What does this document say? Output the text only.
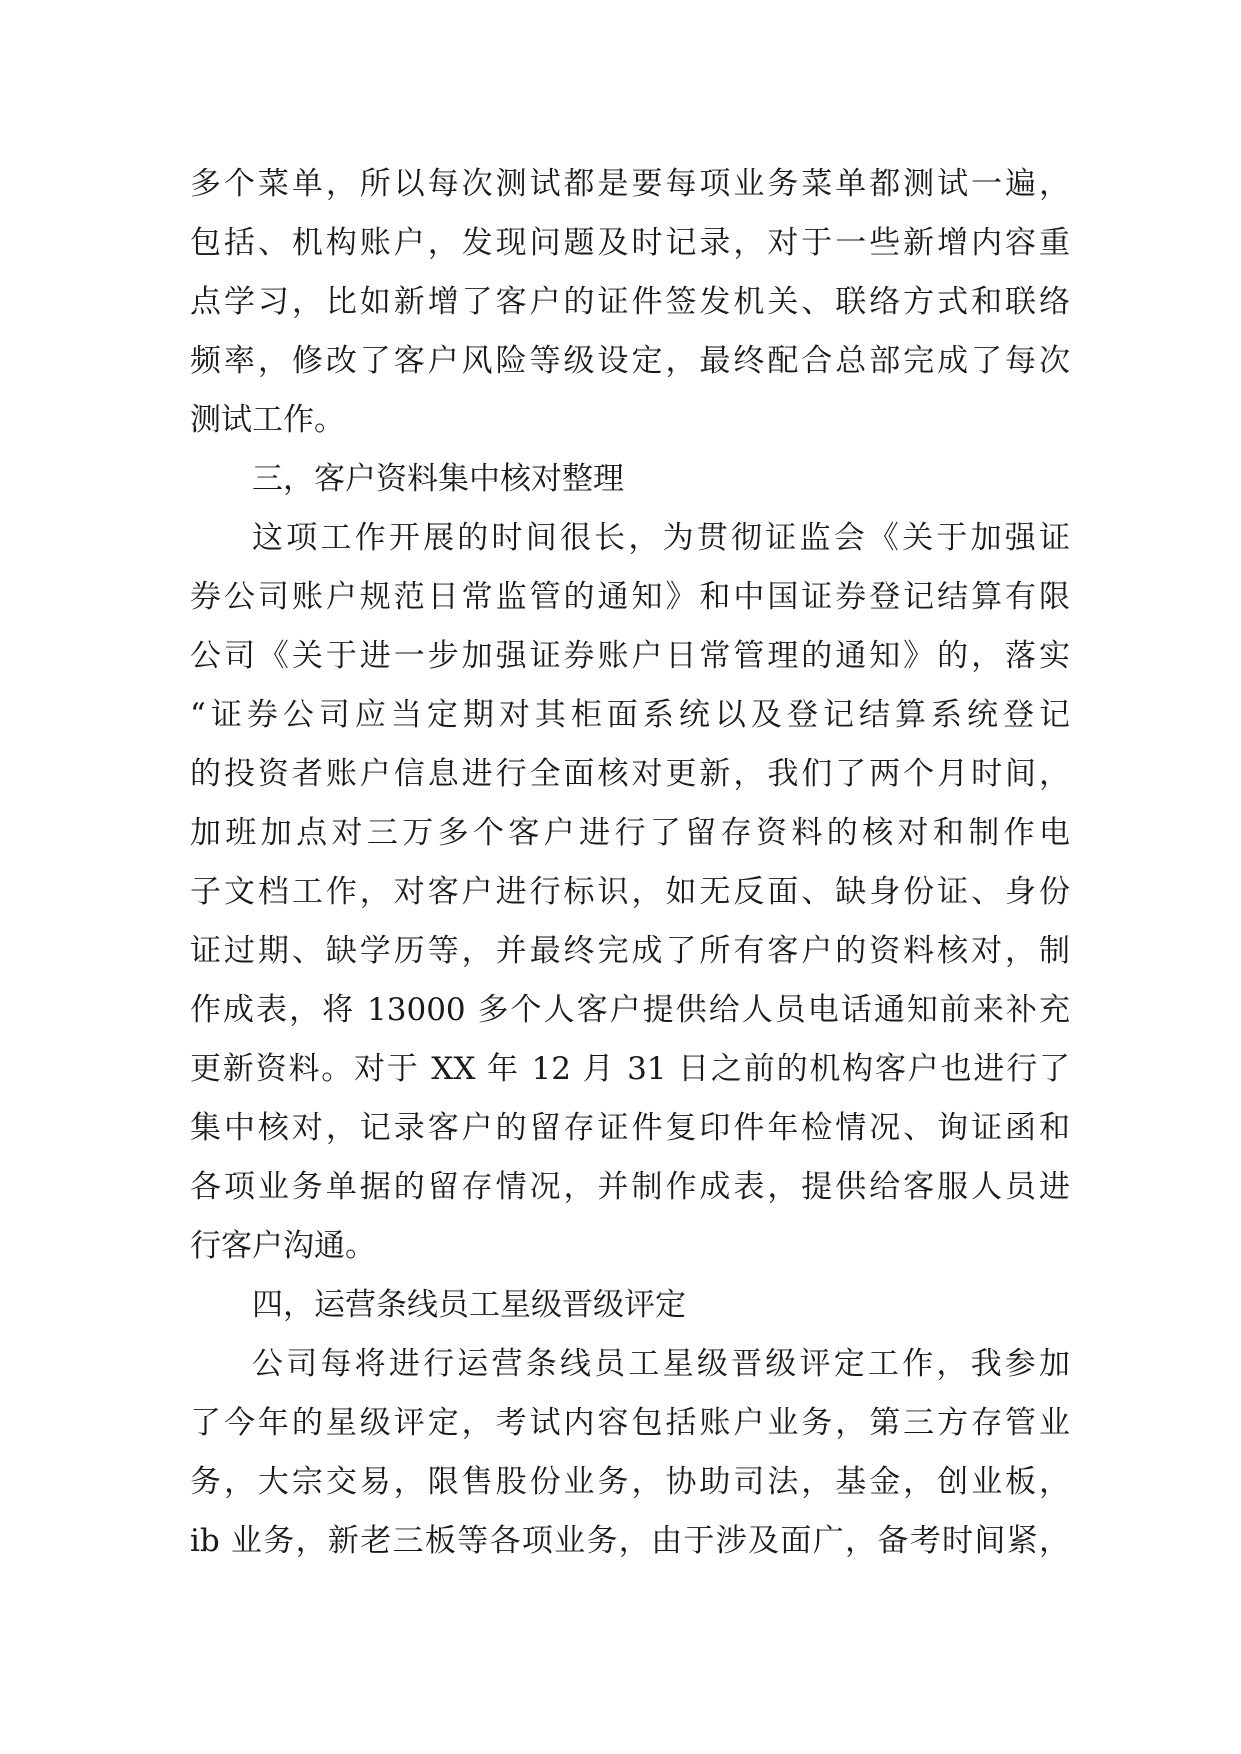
多个菜单，所以每次测试都是要每项业务菜单都测试一遍，
包括、机构账户，发现问题及时记录，对于一些新增内容重
点学习，比如新增了客户的证件签发机关、联络方式和联络
频率，修改了客户风险等级设定，最终配合总部完成了每次
测试工作。
三，客户资料集中核对整理
这项工作开展的时间很长，为贯彻证监会《关于加强证
券公司账户规范日常监管的通知》和中国证券登记结算有限
公司《关于进一步加强证券账户日常管理的通知》的，落实
“证券公司应当定期对其柜面系统以及登记结算系统登记
的投资者账户信息进行全面核对更新，我们了两个月时间，
加班加点对三万多个客户进行了留存资料的核对和制作电
子文档工作，对客户进行标识，如无反面、缺身份证、身份
证过期、缺学历等，并最终完成了所有客户的资料核对，制
作成表，将 13000 多个人客户提供给人员电话通知前来补充
更新资料。对于 XX 年 12 月 31 日之前的机构客户也进行了
集中核对，记录客户的留存证件复印件年检情况、询证函和
各项业务单据的留存情况，并制作成表，提供给客服人员进
行客户沟通。
四，运营条线员工星级晋级评定
公司每将进行运营条线员工星级晋级评定工作，我参加
了今年的星级评定，考试内容包括账户业务，第三方存管业
务，大宗交易，限售股份业务，协助司法，基金，创业板，
ib 业务，新老三板等各项业务，由于涉及面广，备考时间紧，
